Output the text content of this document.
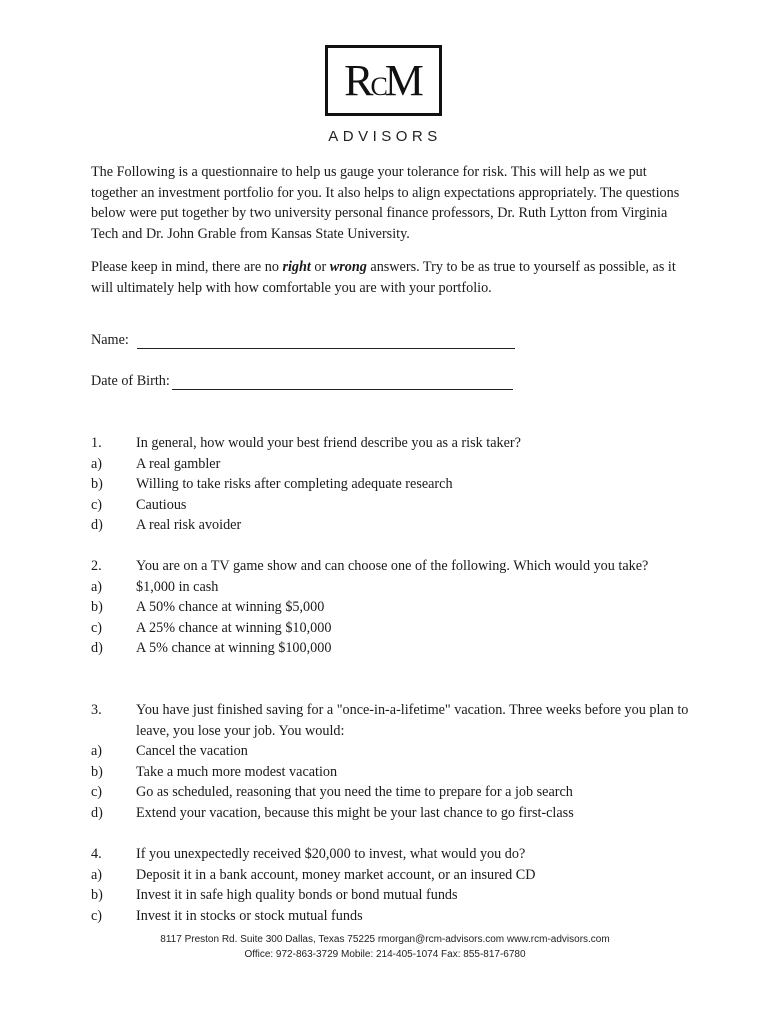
R
C
M
ADVISORS

The Following is a questionnaire to help us gauge your tolerance for risk. This will help as we put together an investment portfolio for you. It also helps to align expectations appropriately. The questions below were put together by two university personal finance professors, Dr. Ruth Lytton from Virginia Tech and Dr. John Grable from Kansas State University.

Please keep in mind, there are no right or wrong answers. Try to be as true to yourself as possible, as it will ultimately help with how comfortable you are with your portfolio.

Name:
Date of Birth:
1.	In general, how would your best friend describe you as a risk taker?
a)	A real gambler
b)	Willing to take risks after completing adequate research
c)	Cautious
d)	A real risk avoider
2.	You are on a TV game show and can choose one of the following. Which would you take?
a)	$1,000 in cash
b)	A 50% chance at winning $5,000
c)	A 25% chance at winning $10,000
d)	A 5% chance at winning $100,000
3.	You have just finished saving for a "once-in-a-lifetime" vacation. Three weeks before you plan to leave, you lose your job. You would:
a)	Cancel the vacation
b)	Take a much more modest vacation
c)	Go as scheduled, reasoning that you need the time to prepare for a job search
d)	Extend your vacation, because this might be your last chance to go first-class
4.	If you unexpectedly received $20,000 to invest, what would you do?
a)	Deposit it in a bank account, money market account, or an insured CD
b)	Invest it in safe high quality bonds or bond mutual funds
c)	Invest it in stocks or stock mutual funds
8117 Preston Rd. Suite 300 Dallas, Texas 75225 rmorgan@rcm-advisors.com www.rcm-advisors.com
Office: 972-863-3729 Mobile: 214-405-1074 Fax: 855-817-6780
